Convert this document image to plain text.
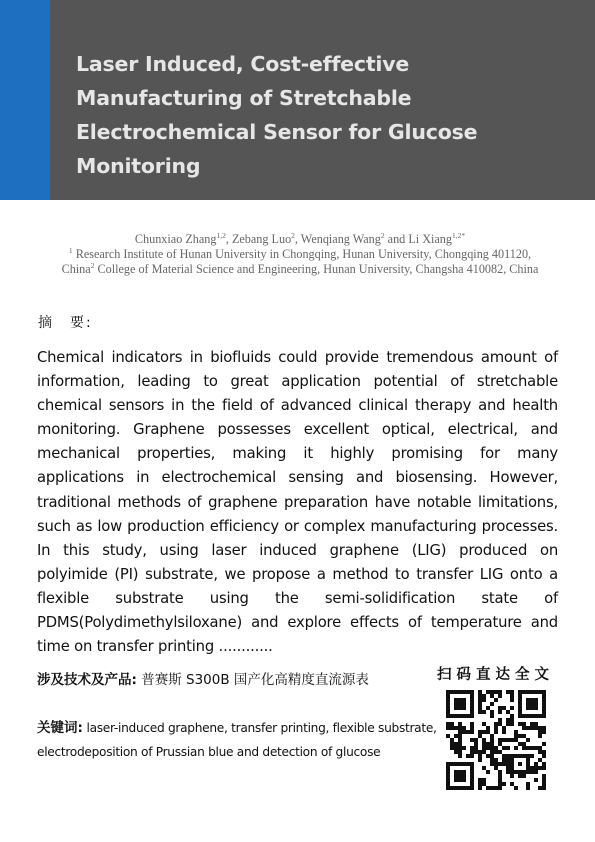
Laser Induced, Cost-effective Manufacturing of Stretchable Electrochemical Sensor for Glucose Monitoring
Chunxiao Zhang$^{1,2}$, Zebang Luo$^2$, Wenqiang Wang$^2$ and Li Xiang$^{1,2*}$
$^1$ Research Institute of Hunan University in Chongqing, Hunan University, Chongqing 401120, China$^2$ College of Material Science and Engineering, Hunan University, Changsha 410082, China
摘　要:
Chemical indicators in biofluids could provide tremendous amount of information, leading to great application potential of stretchable chemical sensors in the field of advanced clinical therapy and health monitoring. Graphene possesses excellent optical, electrical, and mechanical properties, making it highly promising for many applications in electrochemical sensing and biosensing. However, traditional methods of graphene preparation have notable limitations, such as low production efficiency or complex manufacturing processes. In this study, using laser induced graphene (LIG) produced on polyimide (PI) substrate, we propose a method to transfer LIG onto a flexible substrate using the semi-solidification state of PDMS(Polydimethylsiloxane) and explore effects of temperature and time on transfer printing ............
涉及技术及产品: 普赛斯 S300B 国产化高精度直流源表
关键词: laser-induced graphene, transfer printing, flexible substrate, electrodeposition of Prussian blue and detection of glucose
扫码直达全文
